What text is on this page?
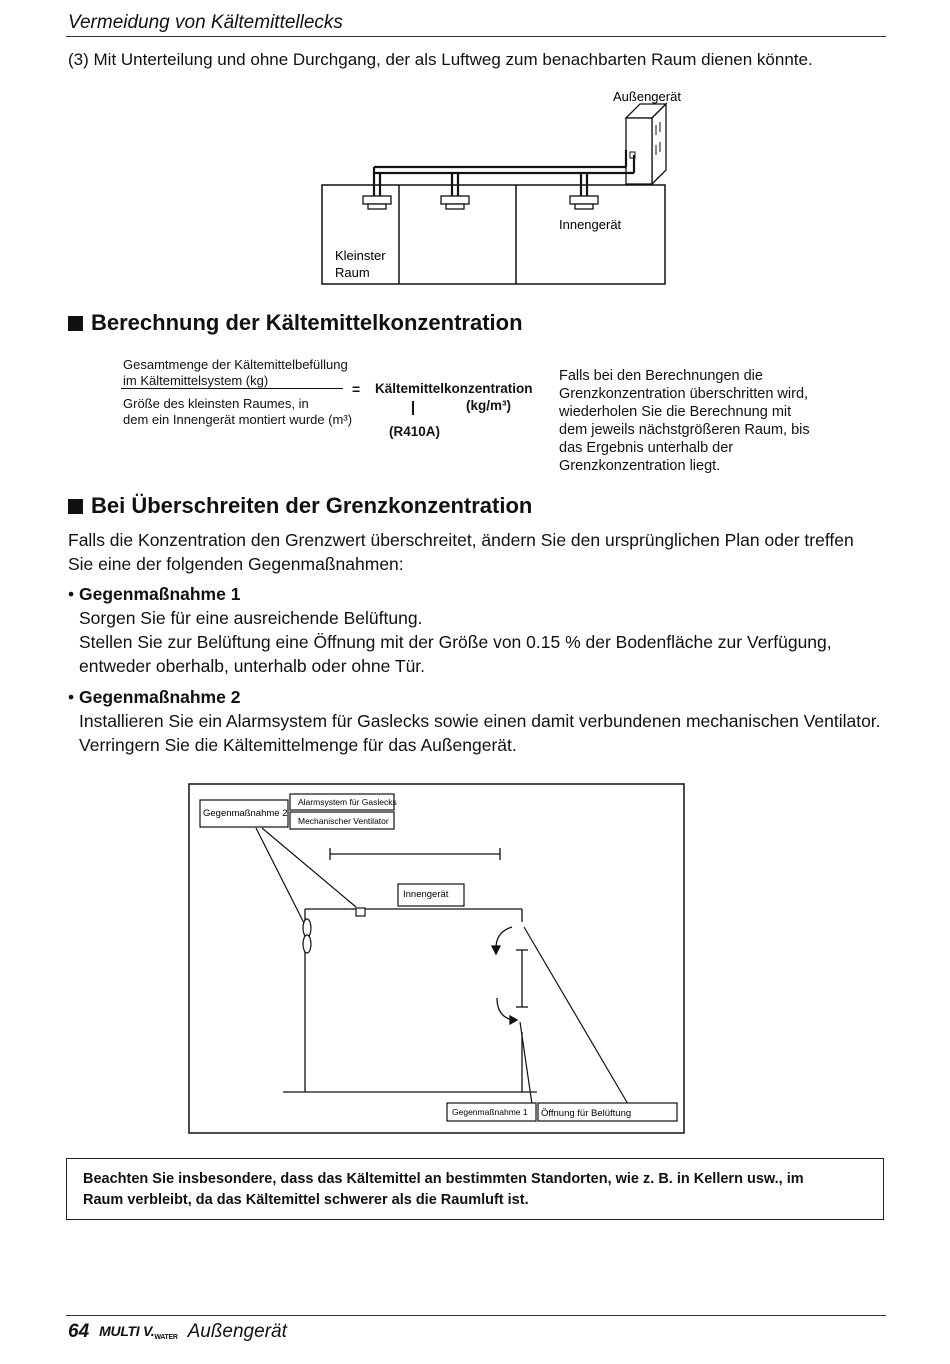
Vermeidung von Kältemittellecks
(3) Mit Unterteilung und ohne Durchgang, der als Luftweg zum benachbarten Raum dienen könnte.
Außengerät
Innengerät
Kleinster
Raum
Berechnung der Kältemittelkonzentration
Gesamtmenge der Kältemittelbefüllung
im Kältemittelsystem (kg)
Größe des kleinsten Raumes, in
dem ein Innengerät montiert wurde (m³)
= Kältemittelkonzentration
(kg/m³)
(R410A)
Falls bei den Berechnungen die
Grenzkonzentration überschritten wird,
wiederholen Sie die Berechnung mit
dem jeweils nächstgrößeren Raum, bis
das Ergebnis unterhalb der
Grenzkonzentration liegt.
Bei Überschreiten der Grenzkonzentration
Falls die Konzentration den Grenzwert überschreitet, ändern Sie den ursprünglichen Plan oder treffen
Sie eine der folgenden Gegenmaßnahmen:
• Gegenmaßnahme 1
Sorgen Sie für eine ausreichende Belüftung.
Stellen Sie zur Belüftung eine Öffnung mit der Größe von 0.15 % der Bodenfläche zur Verfügung,
entweder oberhalb, unterhalb oder ohne Tür.
• Gegenmaßnahme 2
Installieren Sie ein Alarmsystem für Gaslecks sowie einen damit verbundenen mechanischen Ventilator.
Verringern Sie die Kältemittelmenge für das Außengerät.
Gegenmaßnahme 2
Alarmsystem für Gaslecks
Mechanischer Ventilator
Innengerät
Gegenmaßnahme 1 Öffnung für Belüftung
Beachten Sie insbesondere, dass das Kältemittel an bestimmten Standorten, wie z. B. in Kellern usw., im
Raum verbleibt, da das Kältemittel schwerer als die Raumluft ist.
64 MULTI $V._{WATER}$ Außengerät
